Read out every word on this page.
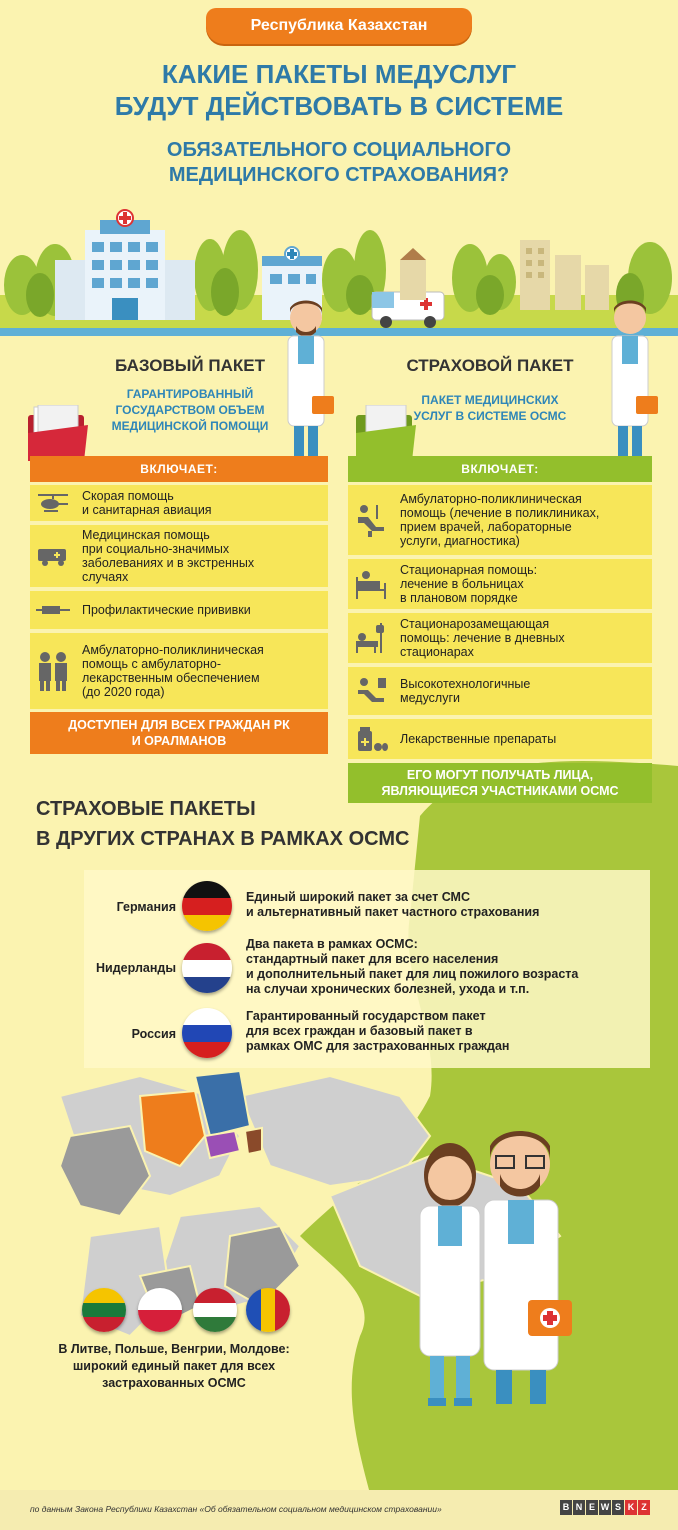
Республика Казахстан
КАКИЕ ПАКЕТЫ МЕДУСЛУГ
БУДУТ ДЕЙСТВОВАТЬ В СИСТЕМЕ
ОБЯЗАТЕЛЬНОГО СОЦИАЛЬНОГО
МЕДИЦИНСКОГО СТРАХОВАНИЯ?
БАЗОВЫЙ ПАКЕТ
ГАРАНТИРОВАННЫЙ
ГОСУДАРСТВОМ ОБЪЕМ
МЕДИЦИНСКОЙ ПОМОЩИ
ВКЛЮЧАЕТ:
Скорая помощь
и санитарная авиация
Медицинская помощь
при социально-значимых
заболеваниях и в экстренных
случаях
Профилактические прививки
Амбулаторно-поликлиническая
помощь с амбулаторно-
лекарственным обеспечением
(до 2020 года)
ДОСТУПЕН ДЛЯ ВСЕХ ГРАЖДАН РК
И ОРАЛМАНОВ
СТРАХОВОЙ ПАКЕТ
ПАКЕТ МЕДИЦИНСКИХ
УСЛУГ В СИСТЕМЕ ОСМС
ВКЛЮЧАЕТ:
Амбулаторно-поликлиническая
помощь (лечение в поликлиниках,
прием врачей, лабораторные
услуги, диагностика)
Стационарная помощь:
лечение в больницах
в плановом порядке
Стационарозамещающая
помощь: лечение в дневных
стационарах
Высокотехнологичные
медуслуги
Лекарственные препараты
ЕГО МОГУТ ПОЛУЧАТЬ ЛИЦА,
ЯВЛЯЮЩИЕСЯ УЧАСТНИКАМИ ОСМС
СТРАХОВЫЕ ПАКЕТЫ
В ДРУГИХ СТРАНАХ В РАМКАХ ОСМС
Германия
Единый широкий пакет за счет СМС
и альтернативный пакет частного страхования
Нидерланды
Два пакета в рамках ОСМС:
стандартный пакет для всего населения
и дополнительный пакет для лиц пожилого возраста
на случаи хронических болезней, ухода и т.п.
Россия
Гарантированный государством пакет
для всех граждан и базовый пакет в
рамках ОМС для застрахованных граждан
В Литве, Польше, Венгрии, Молдове:
широкий единый пакет для всех
застрахованных ОСМС
по данным Закона Республики Казахстан «Об обязательном социальном медицинском страховании»	B N E W S K Z
